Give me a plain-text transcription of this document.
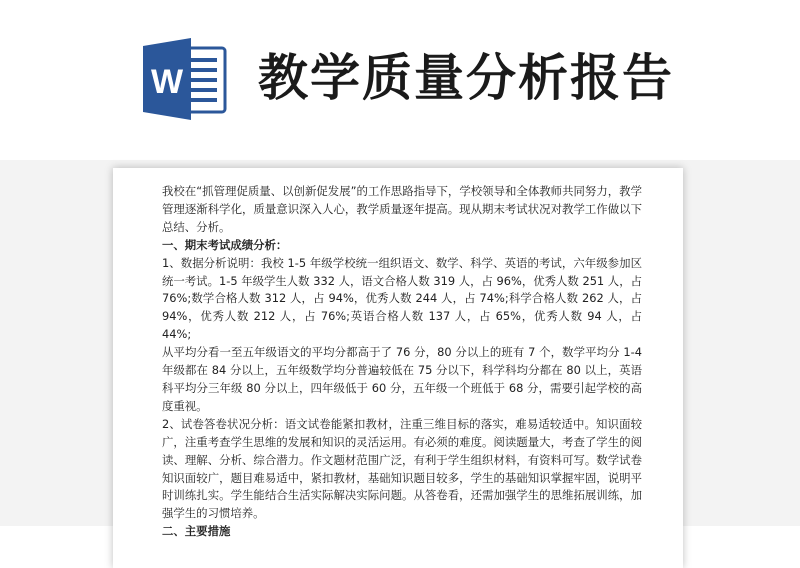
W 教学质量分析报告

我校在“抓管理促质量、以创新促发展”的工作思路指导下，学校领导和全体教师共同努力，教学管理逐渐科学化，质量意识深入人心，教学质量逐年提高。现从期末考试状况对教学工作做以下总结、分析。

一、期末考试成绩分析：

1、数据分析说明：我校 1-5 年级学校统一组织语文、数学、科学、英语的考试，六年级参加区统一考试。1-5 年级学生人数 332 人，语文合格人数 319 人，占 96%，优秀人数 251 人，占 76%;数学合格人数 312 人，占 94%，优秀人数 244 人，占 74%;科学合格人数 262 人，占 94%，优秀人数 212 人，占 76%;英语合格人数 137 人，占 65%，优秀人数 94 人，占 44%;

从平均分看一至五年级语文的平均分都高于了 76 分，80 分以上的班有 7 个，数学平均分 1-4 年级都在 84 分以上，五年级数学均分普遍较低在 75 分以下，科学科均分都在 80 以上，英语科平均分三年级 80 分以上，四年级低于 60 分，五年级一个班低于 68 分，需要引起学校的高度重视。

2、试卷答卷状况分析：语文试卷能紧扣教材，注重三维目标的落实，难易适较适中。知识面较广，注重考查学生思维的发展和知识的灵活运用。有必须的难度。阅读题量大，考查了学生的阅读、理解、分析、综合潜力。作文题材范围广泛，有利于学生组织材料，有资料可写。数学试卷知识面较广，题目难易适中，紧扣教材，基础知识题目较多，学生的基础知识掌握牢固，说明平时训练扎实。学生能结合生活实际解决实际问题。从答卷看，还需加强学生的思维拓展训练，加强学生的习惯培养。

二、主要措施
